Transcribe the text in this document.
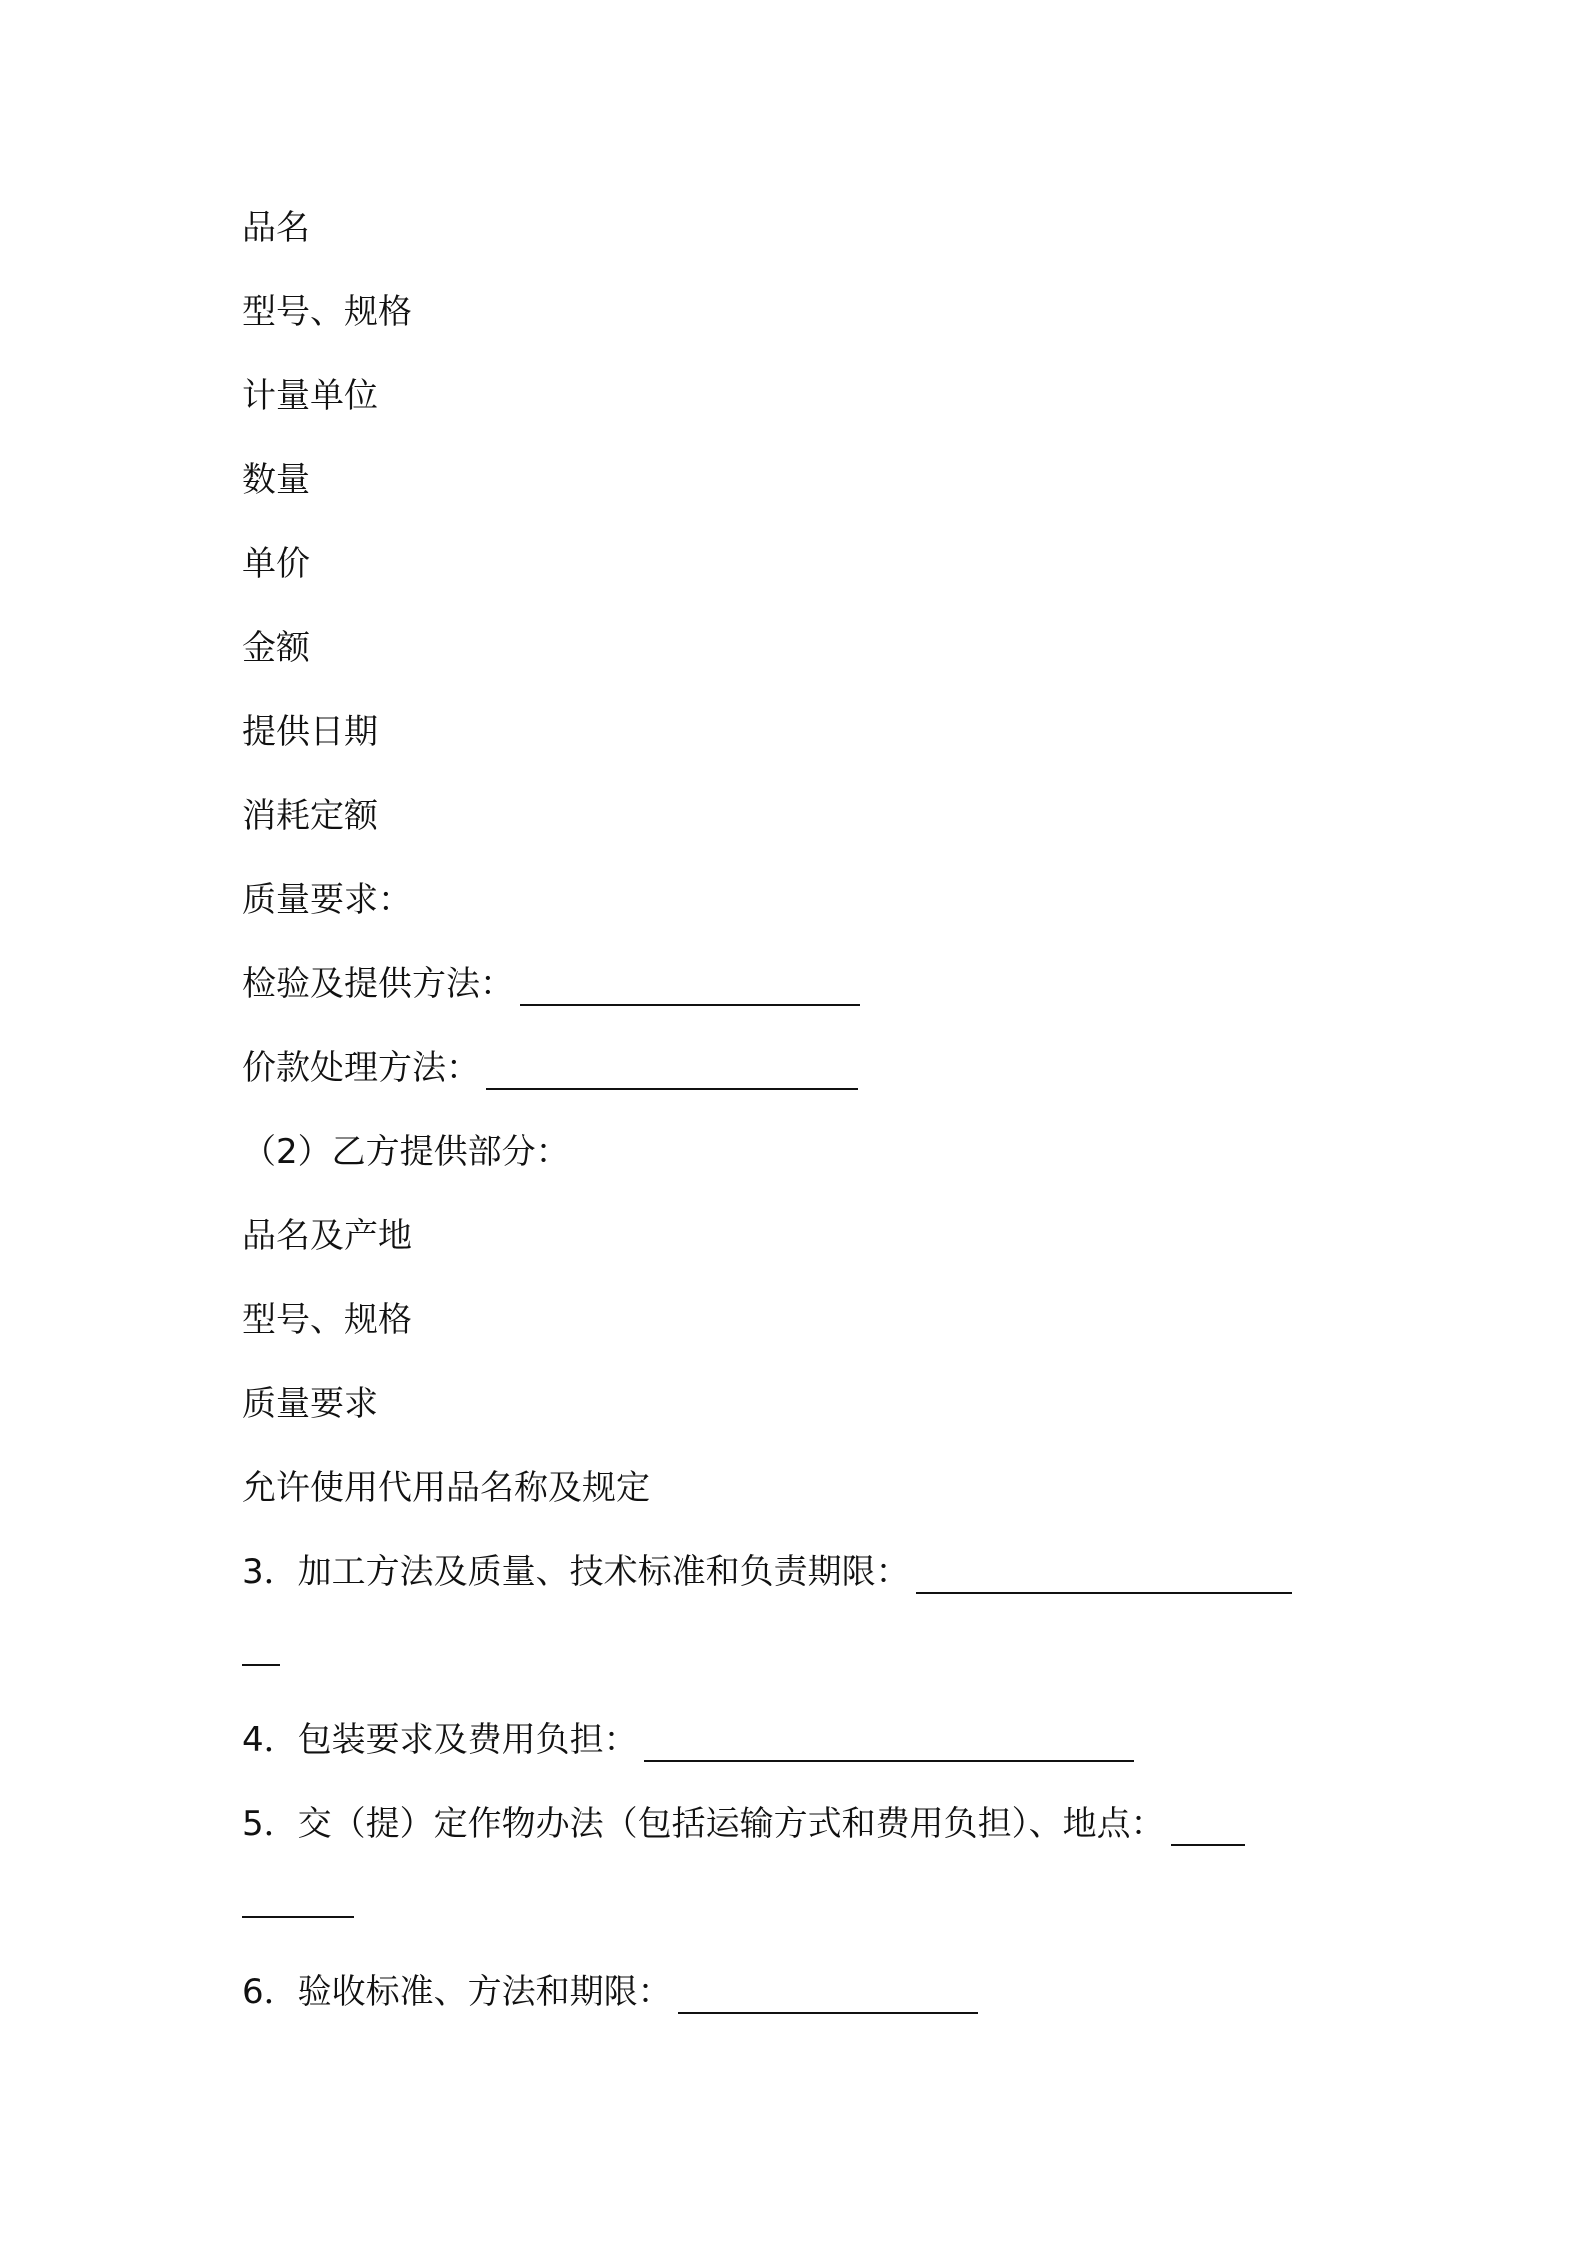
品名
型号、规格
计量单位
数量
单价
金额
提供日期
消耗定额
质量要求：
检验及提供方法：
价款处理方法：
（2）乙方提供部分：
品名及产地
型号、规格
质量要求
允许使用代用品名称及规定
3．加工方法及质量、技术标准和负责期限：
4．包装要求及费用负担：
5．交（提）定作物办法（包括运输方式和费用负担）、地点：
6．验收标准、方法和期限：
